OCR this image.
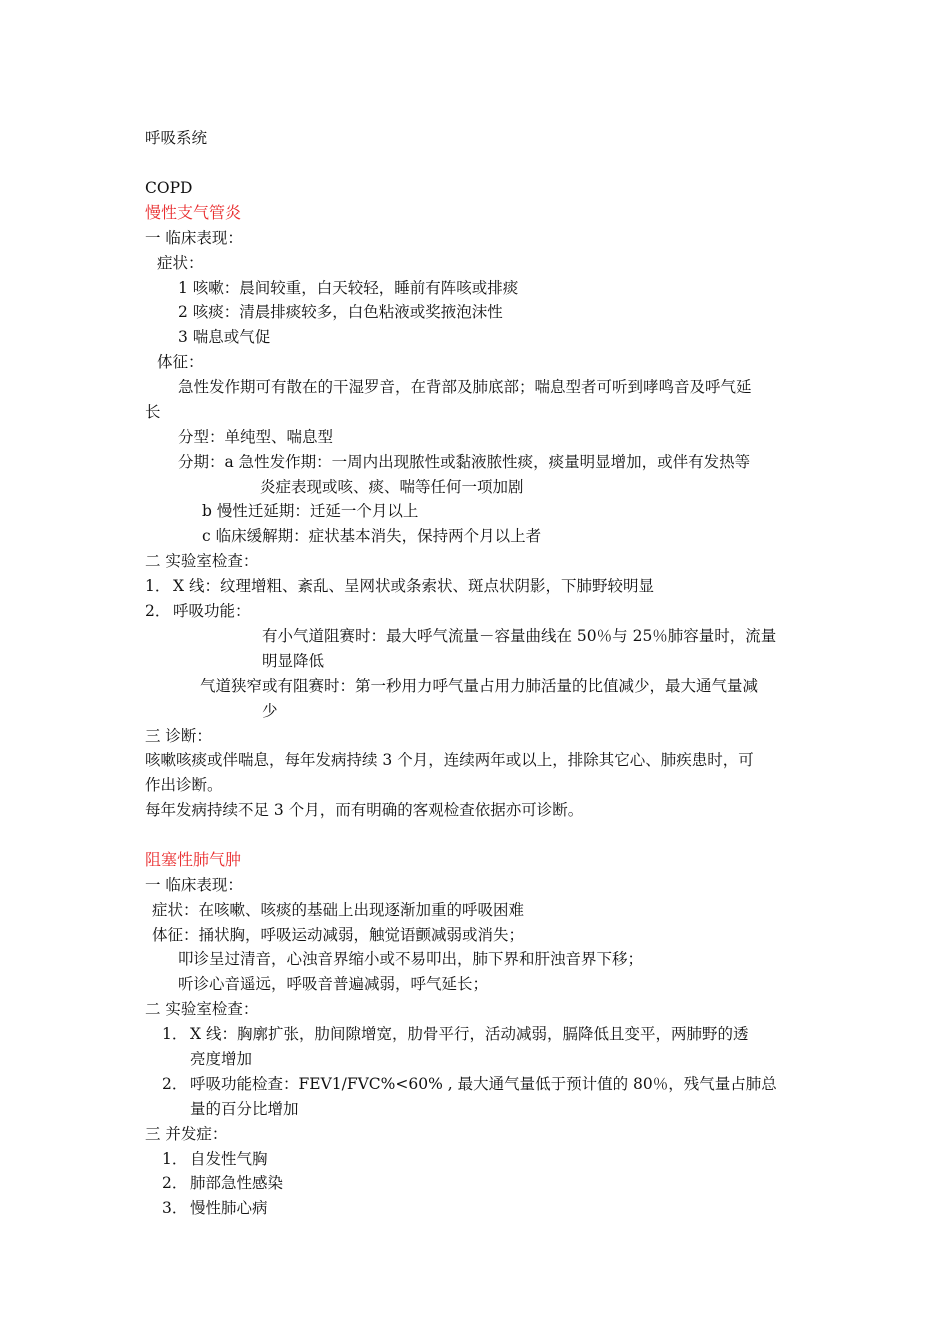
呼吸系统
COPD
慢性支气管炎
一 临床表现：
症状：
1 咳嗽：晨间较重，白天较轻，睡前有阵咳或排痰
2 咳痰：清晨排痰较多，白色粘液或奖掖泡沫性
3 喘息或气促
体征：
急性发作期可有散在的干湿罗音，在背部及肺底部；喘息型者可听到哮鸣音及呼气延
长
分型：单纯型、喘息型
分期：a 急性发作期：一周内出现脓性或黏液脓性痰，痰量明显增加，或伴有发热等
炎症表现或咳、痰、喘等任何一项加剧
b 慢性迁延期：迁延一个月以上
c 临床缓解期：症状基本消失，保持两个月以上者
二 实验室检查：
1． X 线：纹理增粗、紊乱、呈网状或条索状、斑点状阴影，下肺野较明显
2． 呼吸功能：
有小气道阻赛时：最大呼气流量－容量曲线在 50％与 25％肺容量时，流量
明显降低
气道狭窄或有阻赛时：第一秒用力呼气量占用力肺活量的比值减少，最大通气量减
少
三 诊断：
咳嗽咳痰或伴喘息，每年发病持续 3 个月，连续两年或以上，排除其它心、肺疾患时，可
作出诊断。
每年发病持续不足 3 个月，而有明确的客观检查依据亦可诊断。
阻塞性肺气肿
一 临床表现：
症状：在咳嗽、咳痰的基础上出现逐渐加重的呼吸困难
体征：捅状胸，呼吸运动减弱，触觉语颤减弱或消失；
叩诊呈过清音，心浊音界缩小或不易叩出，肺下界和肝浊音界下移；
听诊心音遥远，呼吸音普遍减弱，呼气延长；
二 实验室检查：
1． X 线：胸廓扩张，肋间隙增宽，肋骨平行，活动减弱，膈降低且变平，两肺野的透
亮度增加
2． 呼吸功能检查：FEV1/FVC%<60% , 最大通气量低于预计值的 80％，残气量占肺总
量的百分比增加
三 并发症：
1． 自发性气胸
2． 肺部急性感染
3． 慢性肺心病
